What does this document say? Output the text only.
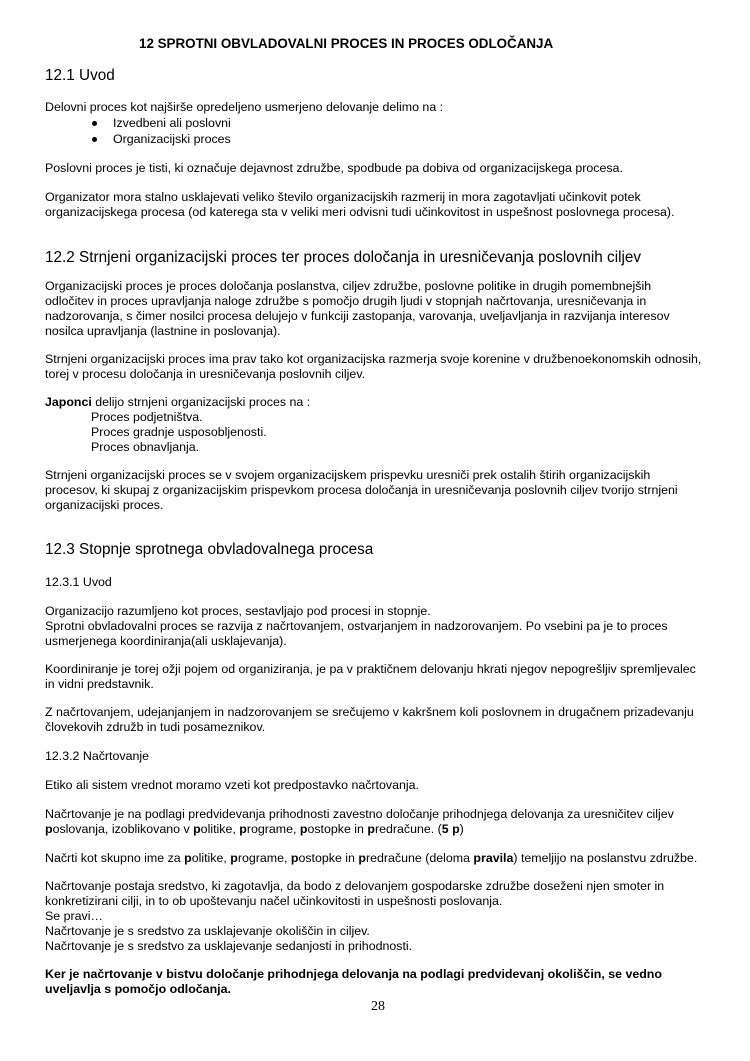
12 SPROTNI OBVLADOVALNI PROCES IN PROCES ODLOČANJA
12.1 Uvod
Delovni proces kot najširše opredeljeno usmerjeno delovanje delimo na :
Izvedbeni ali poslovni
Organizacijski proces
Poslovni proces je tisti, ki označuje dejavnost združbe, spodbude pa dobiva od organizacijskega procesa.
Organizator mora stalno usklajevati veliko število organizacijskih razmerij in mora zagotavljati učinkovit potek
organizacijskega procesa (od katerega sta v veliki meri odvisni tudi učinkovitost in uspešnost poslovnega procesa).
12.2 Strnjeni organizacijski proces ter proces določanja in uresničevanja poslovnih ciljev
Organizacijski proces je proces določanja poslanstva, ciljev združbe, poslovne politike in drugih pomembnejših
odločitev in proces upravljanja naloge združbe s pomočjo drugih ljudi v stopnjah načrtovanja, uresničevanja in
nadzorovanja, s čimer nosilci procesa delujejo v funkciji zastopanja, varovanja, uveljavljanja in razvijanja interesov
nosilca upravljanja (lastnine in poslovanja).
Strnjeni organizacijski proces ima prav tako kot organizacijska razmerja svoje korenine v družbenoekonomskih odnosih,
torej v procesu določanja in uresničevanja poslovnih ciljev.
Japonci delijo strnjeni organizacijski proces na :
Proces podjetništva.
Proces gradnje usposobljenosti.
Proces obnavljanja.
Strnjeni organizacijski proces se v svojem organizacijskem prispevku uresniči prek ostalih štirih organizacijskih
procesov, ki skupaj z organizacijskim prispevkom procesa določanja in uresničevanja poslovnih ciljev tvorijo strnjeni
organizacijski proces.
12.3 Stopnje sprotnega obvladovalnega procesa
12.3.1 Uvod
Organizacijo razumljeno kot proces, sestavljajo pod procesi in stopnje.
Sprotni obvladovalni proces se razvija z načrtovanjem, ostvarjanjem in nadzorovanjem. Po vsebini pa je to proces
usmerjenega koordiniranja(ali usklajevanja).
Koordiniranje je torej ožji pojem od organiziranja, je pa v praktičnem delovanju hkrati njegov nepogrešljiv spremljevalec
in vidni predstavnik.
Z načrtovanjem, udejanjanjem in nadzorovanjem se srečujemo v kakršnem koli poslovnem in drugačnem prizadevanju
človekovih združb in tudi posameznikov.
12.3.2 Načrtovanje
Etiko ali sistem vrednot moramo vzeti kot predpostavko načrtovanja.
Načrtovanje je na podlagi predvidevanja prihodnosti zavestno določanje prihodnjega delovanja za uresničitev ciljev
poslovanja, izoblikovano v politike, programe, postopke in predračune. (5 p)
Načrti kot skupno ime za politike, programe, postopke in predračune (deloma pravila) temeljijo na poslanstvu združbe.
Načrtovanje postaja sredstvo, ki zagotavlja, da bodo z delovanjem gospodarske združbe doseženi njen smoter in
konkretizirani cilji, in to ob upoštevanju načel učinkovitosti in uspešnosti poslovanja.
Se pravi…
Načrtovanje je s sredstvo za usklajevanje okoliščin in ciljev.
Načrtovanje je s sredstvo za usklajevanje sedanjosti in prihodnosti.
Ker je načrtovanje v bistvu določanje prihodnjega delovanja na podlagi predvidevanj okoliščin, se vedno
uveljavlja s pomočjo odločanja.
28
